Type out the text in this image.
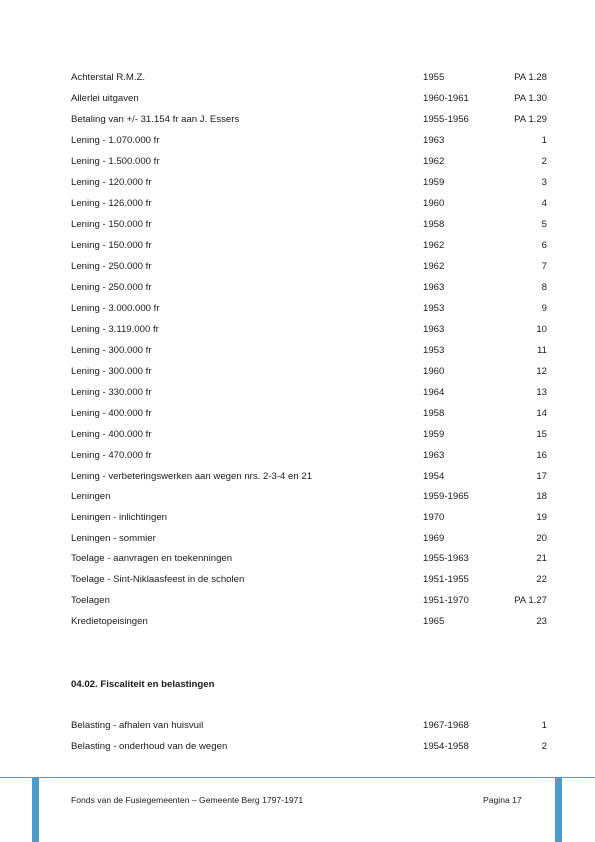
Achterstal R.M.Z.	1955	PA 1.28
Allerlei uitgaven	1960-1961	PA 1.30
Betaling van +/- 31.154 fr aan J. Essers	1955-1956	PA 1.29
Lening - 1.070.000 fr	1963	1
Lening - 1.500.000 fr	1962	2
Lening - 120.000 fr	1959	3
Lening - 126.000 fr	1960	4
Lening - 150.000 fr	1958	5
Lening - 150.000 fr	1962	6
Lening - 250.000 fr	1962	7
Lening - 250.000 fr	1963	8
Lening - 3.000.000 fr	1953	9
Lening - 3.119.000 fr	1963	10
Lening - 300.000 fr	1953	11
Lening - 300.000 fr	1960	12
Lening - 330.000 fr	1964	13
Lening - 400.000 fr	1958	14
Lening - 400.000 fr	1959	15
Lening - 470.000 fr	1963	16
Lening - verbeteringswerken aan wegen nrs. 2-3-4 en 21	1954	17
Leningen	1959-1965	18
Leningen - inlichtingen	1970	19
Leningen - sommier	1969	20
Toelage - aanvragen en toekenningen	1955-1963	21
Toelage - Sint-Niklaasfeest in de scholen	1951-1955	22
Toelagen	1951-1970	PA 1.27
Kredietopeisingen	1965	23
04.02. Fiscaliteit en belastingen
Belasting - afhalen van huisvuil	1967-1968	1
Belasting - onderhoud van de wegen	1954-1958	2
Fonds van de Fusiegemeenten – Gemeente Berg 1797-1971	Pagina 17
